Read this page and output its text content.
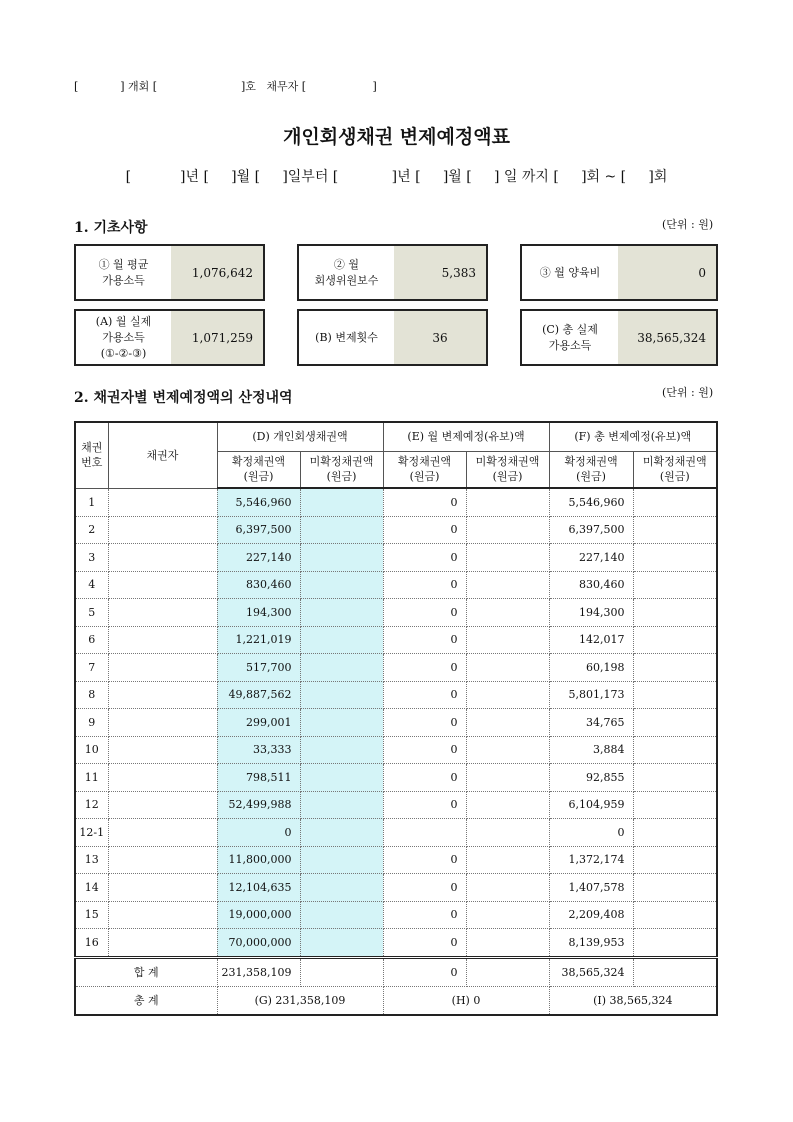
[            ] 개회 [                        ]호   채무자 [                   ]
개인회생채권 변제예정액표
[           ]년 [     ]월 [     ]일부터 [            ]년 [     ]월 [     ] 일 까지 [     ]회 ~ [     ]회
1. 기초사항	(단위 : 원)
① 월 평균
가용소득
1,076,642
② 월
회생위원보수
5,383	③ 월 양육비	0
(A) 월 실제
가용소득
(①-②-③)
1,071,259	(B) 변제횟수	36
(C) 총 실제
가용소득
38,565,324
2. 채권자별 변제예정액의 산정내역	(단위 : 원)
채권
번호	채권자	(D) 개인회생채권액		(E) 월 변제예정(유보)액		(F) 총 변제예정(유보)액	
		확정채권액
(원금)	미확정채권액
(원금)	확정채권액
(원금)	미확정채권액
(원금)	확정채권액
(원금)	미확정채권액
(원금)
1		5,546,960		0		5,546,960	
2		6,397,500		0		6,397,500	
3		227,140		0		227,140	
4		830,460		0		830,460	
5		194,300		0		194,300	
6		1,221,019		0		142,017	
7		517,700		0		60,198	
8		49,887,562		0		5,801,173	
9		299,001		0		34,765	
10		33,333		0		3,884	
11		798,511		0		92,855	
12		52,499,988		0		6,104,959	
12-1		0				0	
13		11,800,000		0		1,372,174	
14		12,104,635		0		1,407,578	
15		19,000,000		0		2,209,408	
16		70,000,000		0		8,139,953	
합 계		231,358,109		0		38,565,324	
총 계		(G) 231,358,109		(H) 0		(I) 38,565,324	
